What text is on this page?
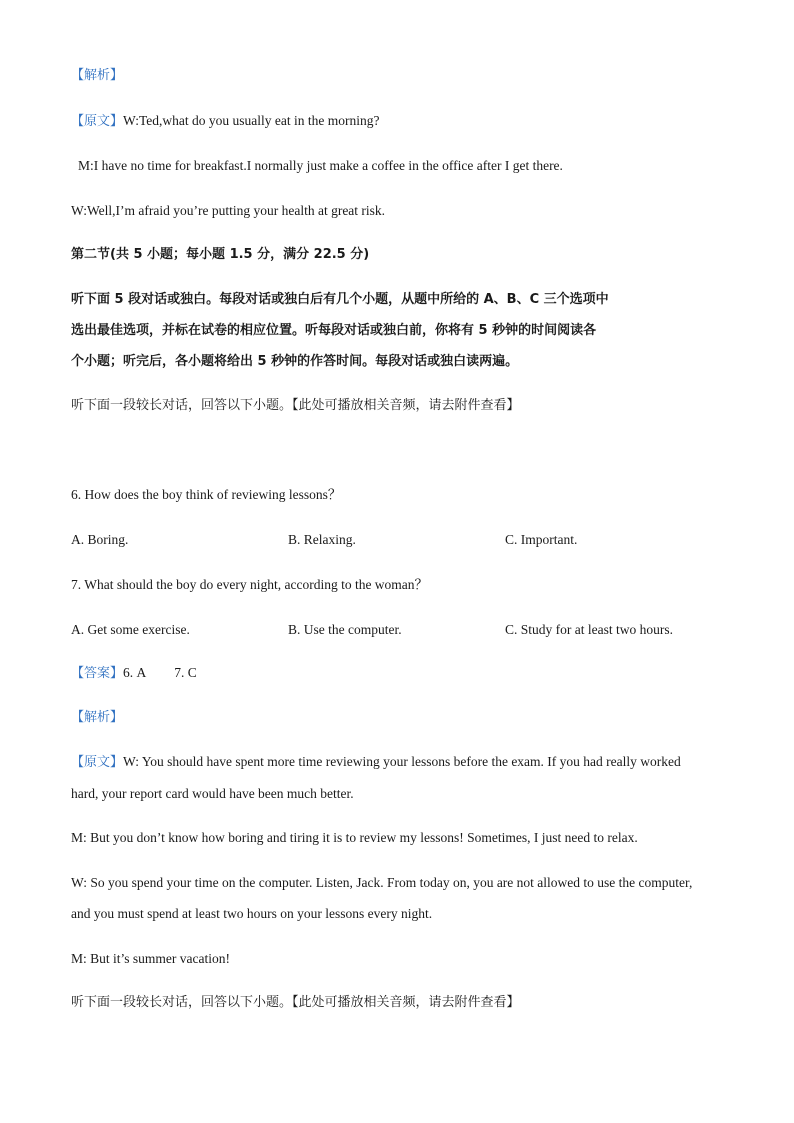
【解析】
【原文】W:Ted,what do you usually eat in the morning?
M:I have no time for breakfast.I normally just make a coffee in the office after I get there.
W:Well,I’m afraid you’re putting your health at great risk.
第二节(共 5 小题；每小题 1.5 分，满分 22.5 分)
听下面 5 段对话或独白。每段对话或独白后有几个小题，从题中所给的 A、B、C 三个选项中
选出最佳选项，并标在试卷的相应位置。听每段对话或独白前，你将有 5 秒钟的时间阅读各
个小题；听完后，各小题将给出 5 秒钟的作答时间。每段对话或独白读两遍。
听下面一段较长对话，回答以下小题。【此处可播放相关音频，请去附件查看】
6. How does the boy think of reviewing lessons？
A. Boring.	B. Relaxing.	C. Important.
7. What should the boy do every night, according to the woman？
A. Get some exercise.	B. Use the computer.	C. Study for at least two hours.
【答案】6. A 7. C
【解析】
【原文】W: You should have spent more time reviewing your lessons before the exam. If you had really worked
hard, your report card would have been much better.
M: But you don’t know how boring and tiring it is to review my lessons! Sometimes, I just need to relax.
W: So you spend your time on the computer. Listen, Jack. From today on, you are not allowed to use the computer,
and you must spend at least two hours on your lessons every night.
M: But it’s summer vacation!
听下面一段较长对话，回答以下小题。【此处可播放相关音频，请去附件查看】
